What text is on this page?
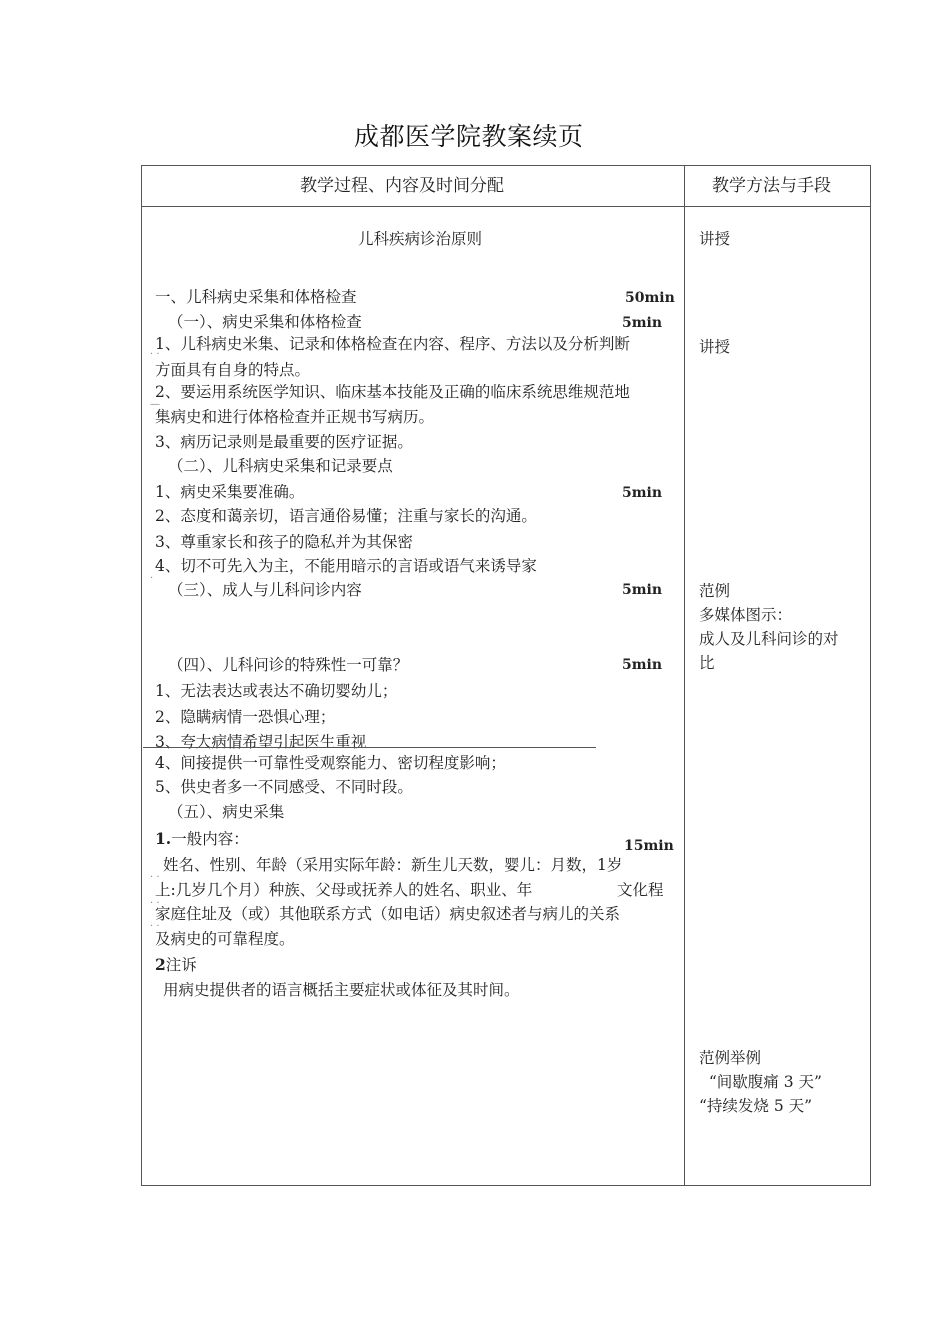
成都医学院教案续页
教学过程、内容及时间分配	教学方法与手段
儿科疾病诊治原则
一、儿科病史采集和体格检查	50min
（一）、病史采集和体格检查	5min
1、儿科病史米集、记录和体格检查在内容、程序、方法以及分析判断
· ·
方面具有自身的特点。
2、要运用系统医学知识、临床基本技能及正确的临床系统思维规范地
—
集病史和进行体格检查并正规书写病历。
3、病历记录则是最重要的医疗证据。
（二）、儿科病史采集和记录要点
1、病史采集要准确。	5min
2、态度和蔼亲切，语言通俗易懂；注重与家长的沟通。
3、尊重家长和孩子的隐私并为其保密
4、切不可先入为主，不能用暗示的言语或语气来诱导家
·
（三）、成人与儿科问诊内容	5min
（四）、儿科问诊的特殊性一可靠？	5min
1、无法表达或表达不确切婴幼儿；
2、隐瞒病情一恐惧心理；
3、夸大病情希望引起医生重视
4、间接提供一可靠性受观察能力、密切程度影响；
5、供史者多一不同感受、不同时段。
（五）、病史采集
1.一般内容：	15min
姓名、性别、年龄（采用实际年龄：新生儿天数，婴儿：月数，1岁
· ·
上:几岁几个月）种族、父母或抚养人的姓名、职业、年	文化程
· ·
家庭住址及（或）其他联系方式（如电话）病史叙述者与病儿的关系
· ·
及病史的可靠程度。
2注诉
用病史提供者的语言概括主要症状或体征及其时间。
讲授
讲授
范例
多媒体图示：
成人及儿科问诊的对
比
范例举例
“间歇腹痛 3 天”
“持续发烧 5 天”
